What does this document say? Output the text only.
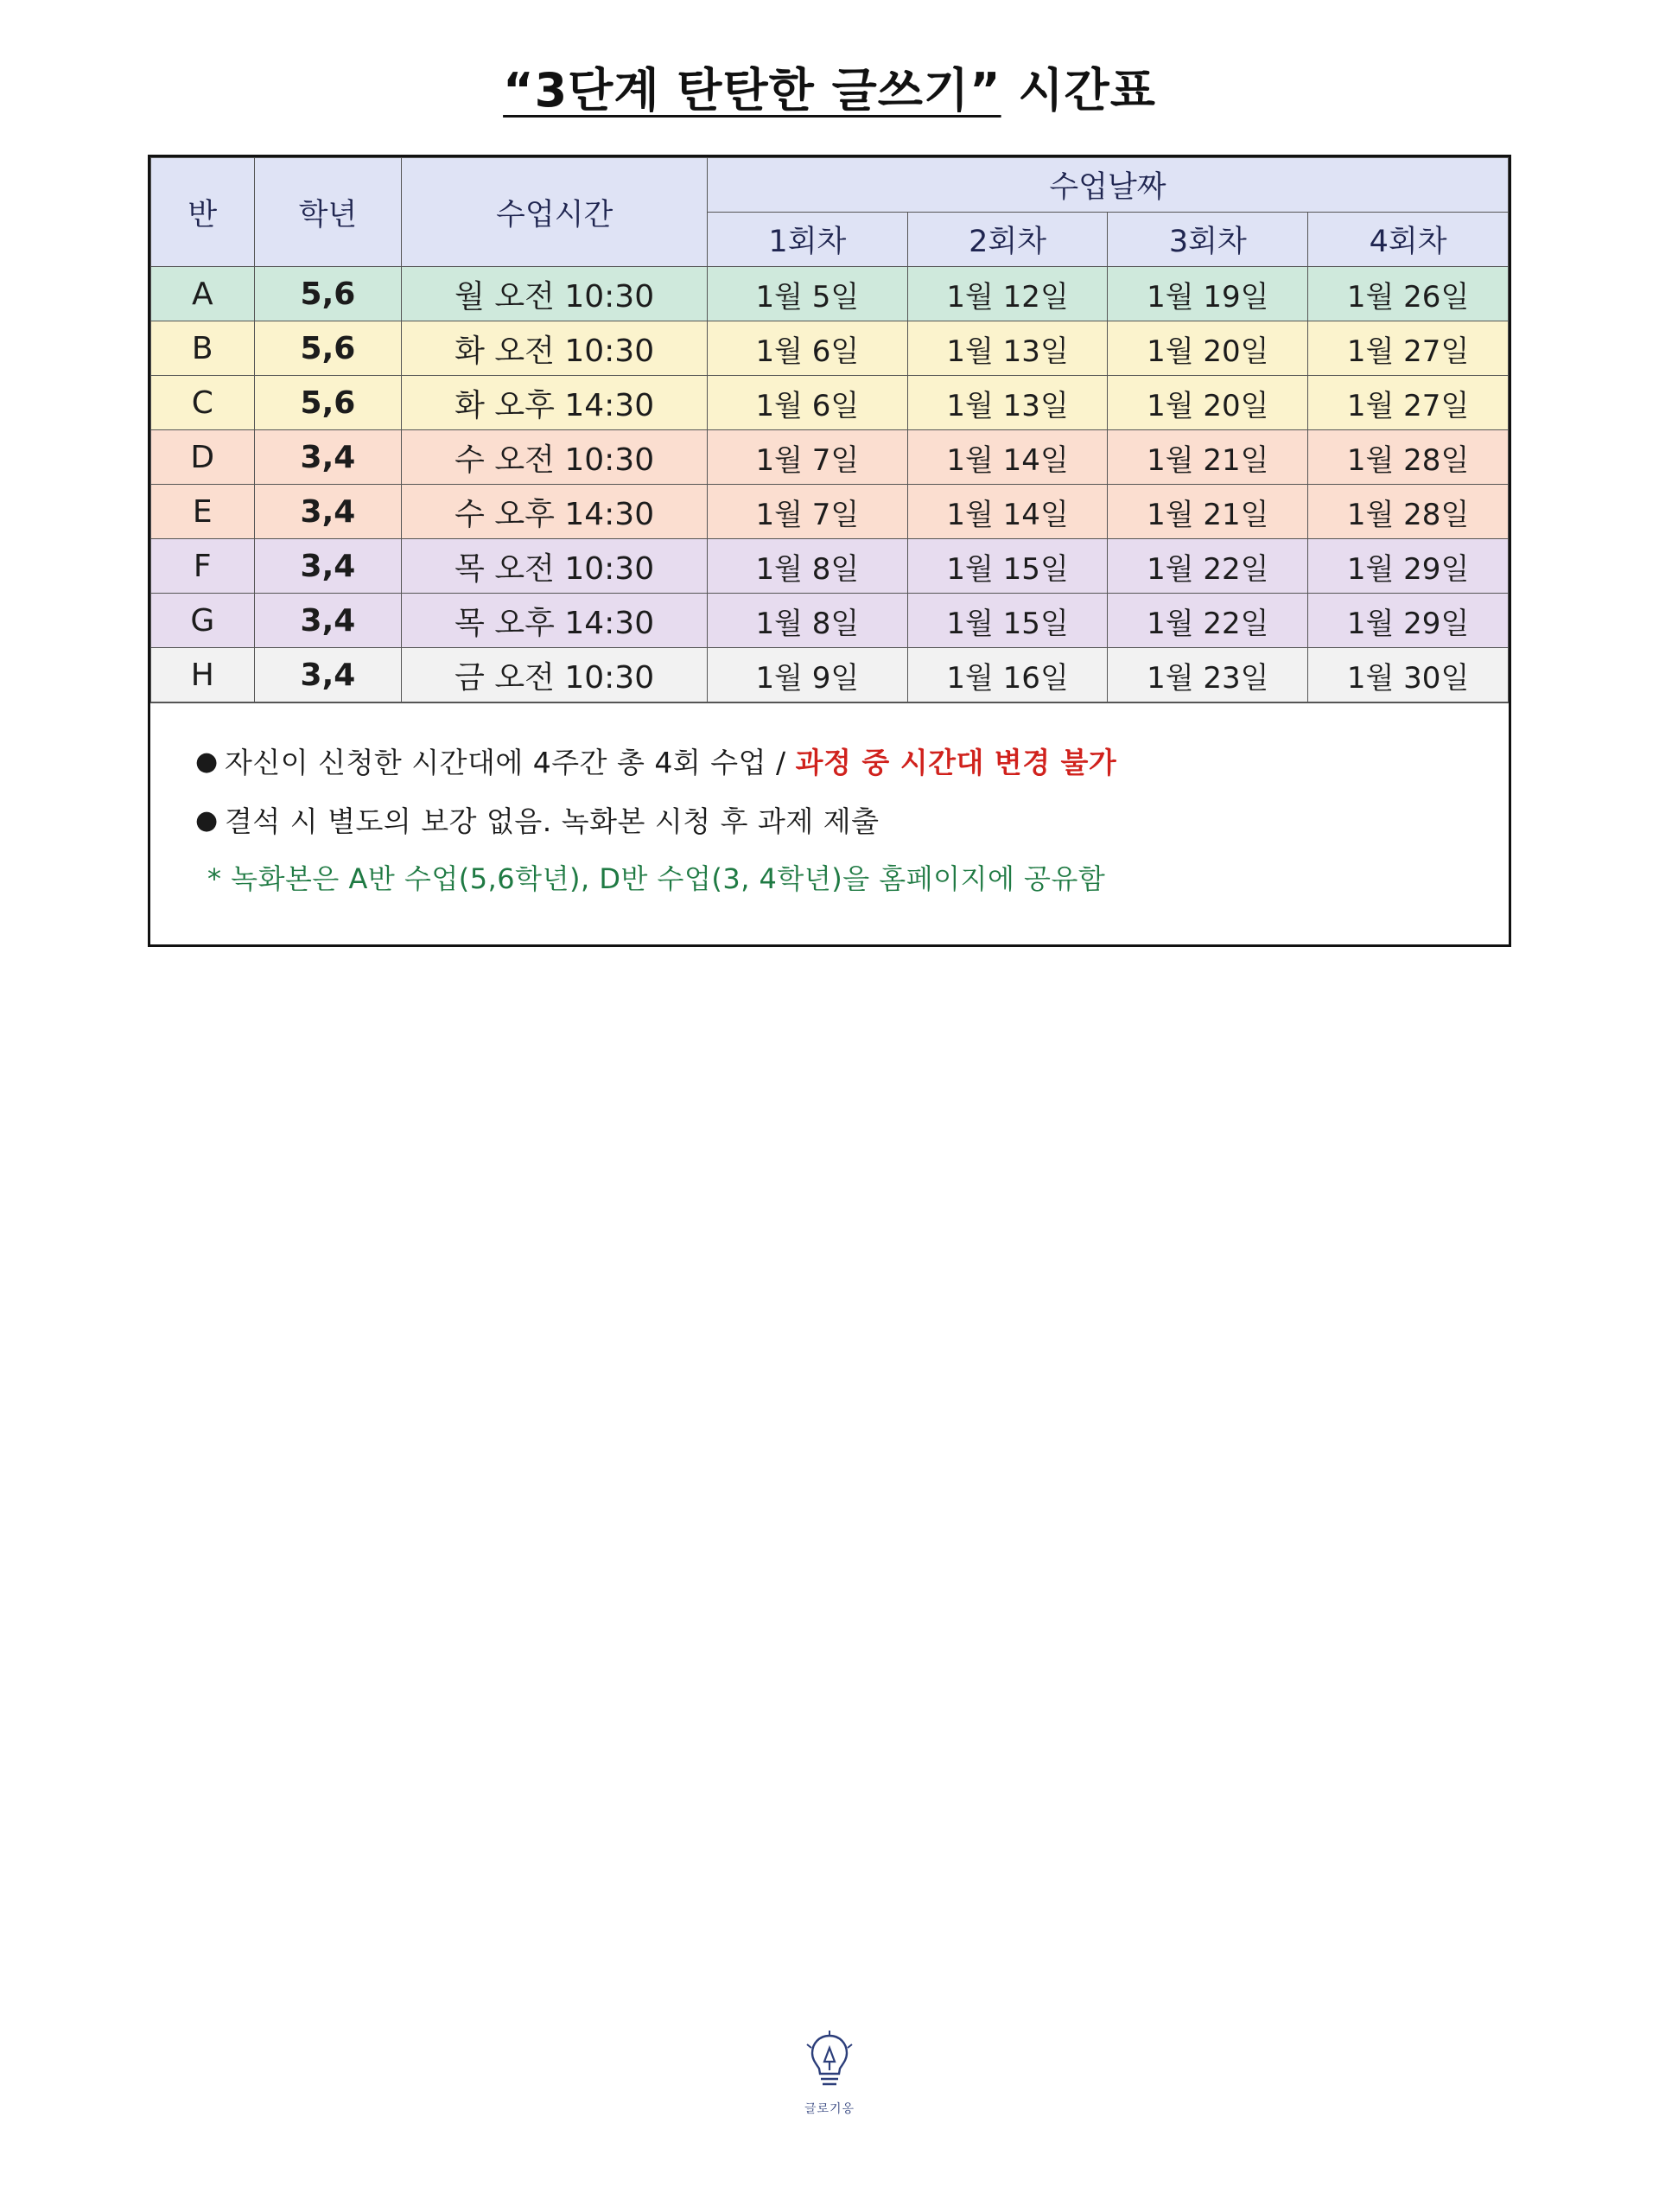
“3단계 탄탄한 글쓰기” 시간표
반	학년	수업시간	수업날짜			
			1회차	2회차	3회차	4회차
A	5,6	월 오전 10:30	1월 5일	1월 12일	1월 19일	1월 26일
B	5,6	화 오전 10:30	1월 6일	1월 13일	1월 20일	1월 27일
C	5,6	화 오후 14:30	1월 6일	1월 13일	1월 20일	1월 27일
D	3,4	수 오전 10:30	1월 7일	1월 14일	1월 21일	1월 28일
E	3,4	수 오후 14:30	1월 7일	1월 14일	1월 21일	1월 28일
F	3,4	목 오전 10:30	1월 8일	1월 15일	1월 22일	1월 29일
G	3,4	목 오후 14:30	1월 8일	1월 15일	1월 22일	1월 29일
H	3,4	금 오전 10:30	1월 9일	1월 16일	1월 23일	1월 30일
● 자신이 신청한 시간대에 4주간 총 4회 수업 / 과정 중 시간대 변경 불가
● 결석 시 별도의 보강 없음. 녹화본 시청 후 과제 제출
* 녹화본은 A반 수업(5,6학년), D반 수업(3, 4학년)을 홈페이지에 공유함
글로기옹
